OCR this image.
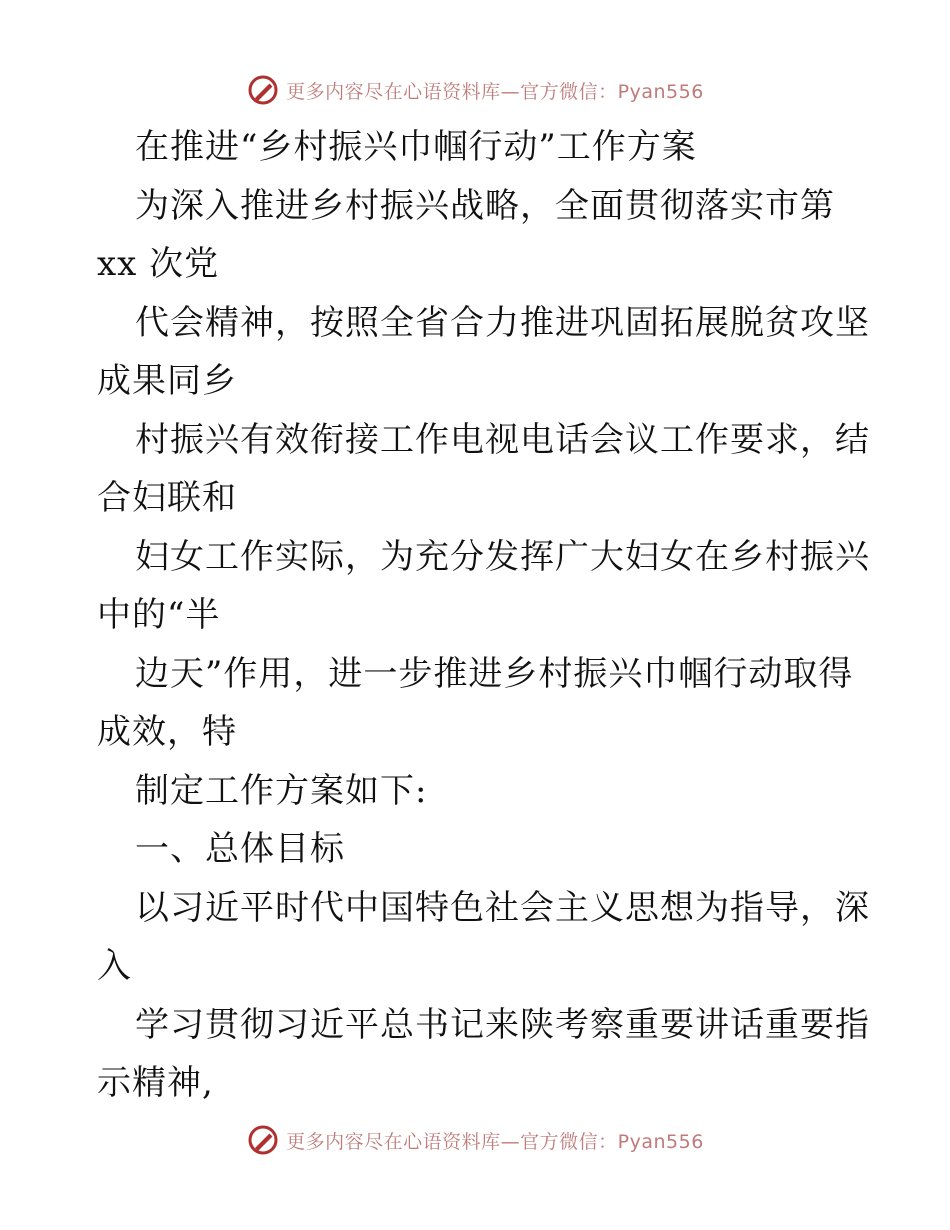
更多内容尽在心语资料库—官方微信：Pyan556
在推进“乡村振兴巾帼行动”工作方案
为深入推进乡村振兴战略，全面贯彻落实市第
xx 次党
代会精神，按照全省合力推进巩固拓展脱贫攻坚
成果同乡
村振兴有效衔接工作电视电话会议工作要求，结
合妇联和
妇女工作实际，为充分发挥广大妇女在乡村振兴
中的“半
边天”作用，进一步推进乡村振兴巾帼行动取得
成效，特
制定工作方案如下:
一、总体目标
以习近平时代中国特色社会主义思想为指导，深
入
学习贯彻习近平总书记来陕考察重要讲话重要指
示精神,
更多内容尽在心语资料库—官方微信：Pyan556
